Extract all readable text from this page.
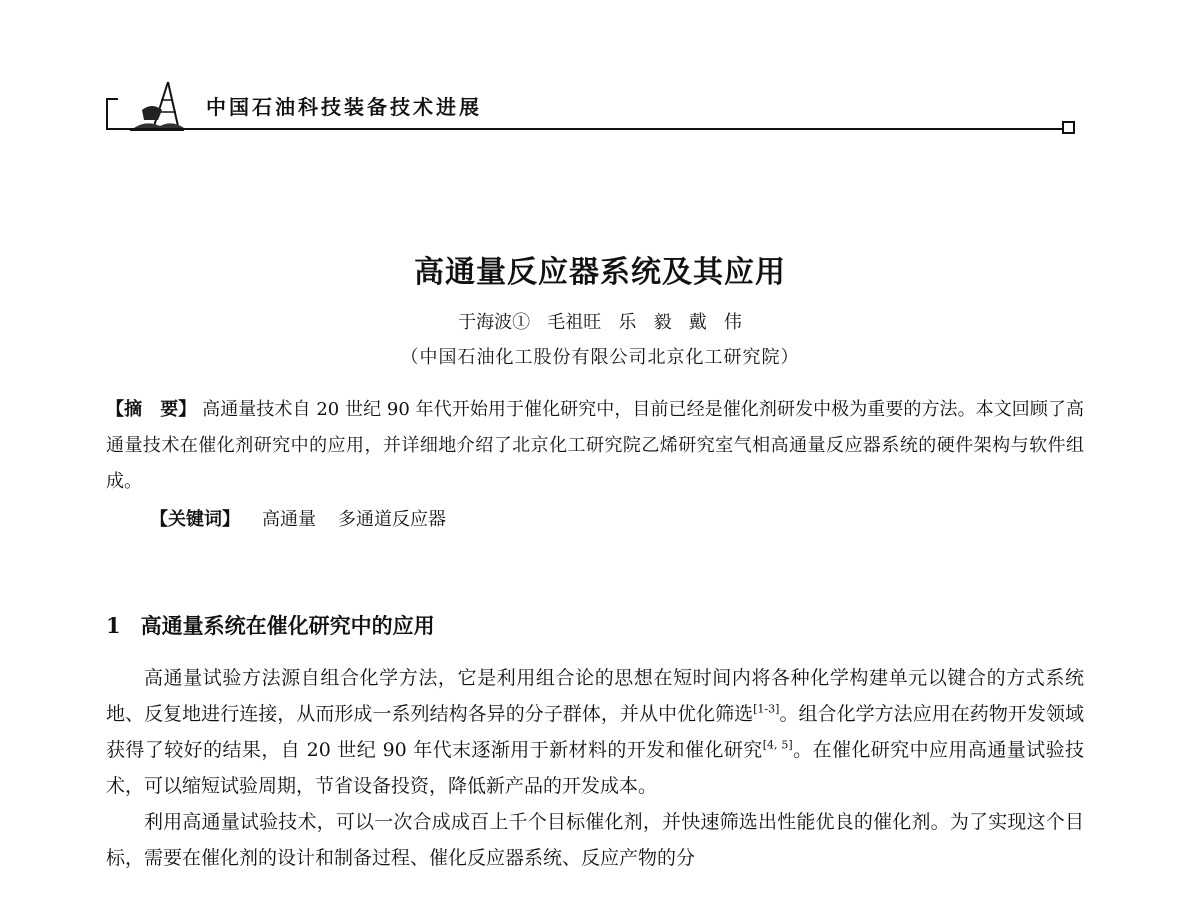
中国石油科技装备技术进展
高通量反应器系统及其应用
于海波①   毛祖旺   乐   毅   戴   伟
（中国石油化工股份有限公司北京化工研究院）
【摘　要】 高通量技术自 20 世纪 90 年代开始用于催化研究中，目前已经是催化剂研发中极为重要的方法。本文回顾了高通量技术在催化剂研究中的应用，并详细地介绍了北京化工研究院乙烯研究室气相高通量反应器系统的硬件架构与软件组成。
【关键词】 高通量 多通道反应器
1 高通量系统在催化研究中的应用

高通量试验方法源自组合化学方法，它是利用组合论的思想在短时间内将各种化学构建单元以键合的方式系统地、反复地进行连接，从而形成一系列结构各异的分子群体，并从中优化筛选[1-3]。组合化学方法应用在药物开发领域获得了较好的结果，自 20 世纪 90 年代末逐渐用于新材料的开发和催化研究[4, 5]。在催化研究中应用高通量试验技术，可以缩短试验周期，节省设备投资，降低新产品的开发成本。

利用高通量试验技术，可以一次合成成百上千个目标催化剂，并快速筛选出性能优良的催化剂。为了实现这个目标，需要在催化剂的设计和制备过程、催化反应器系统、反应产物的分
